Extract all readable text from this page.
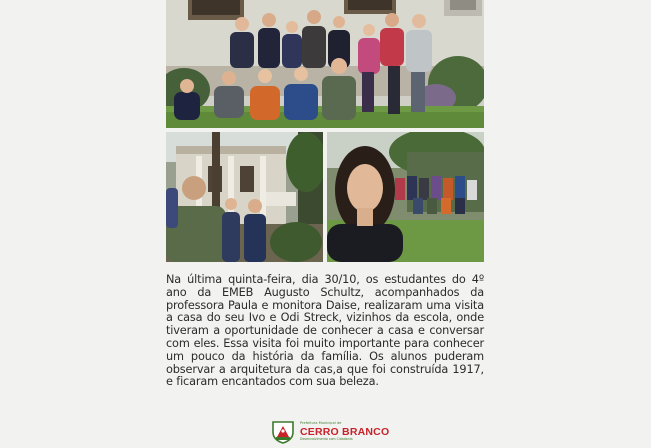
Na última quinta-feira, dia 30/10, os estudantes do 4º ano da EMEB Augusto Schultz, acompanhados da professora Paula e monitora Daise, realizaram uma visita a casa do seu Ivo e Odi Streck, vizinhos da escola, onde tiveram a oportunidade de conhecer a casa e conversar com eles. Essa visita foi muito importante para conhecer um pouco da história da família. Os alunos puderam observar a arquitetura da cas,a que foi construída 1917, e ficaram encantados com sua beleza.

Prefeitura Municipal de
CERRO BRANCO
Desenvolvimento com Cidadania
